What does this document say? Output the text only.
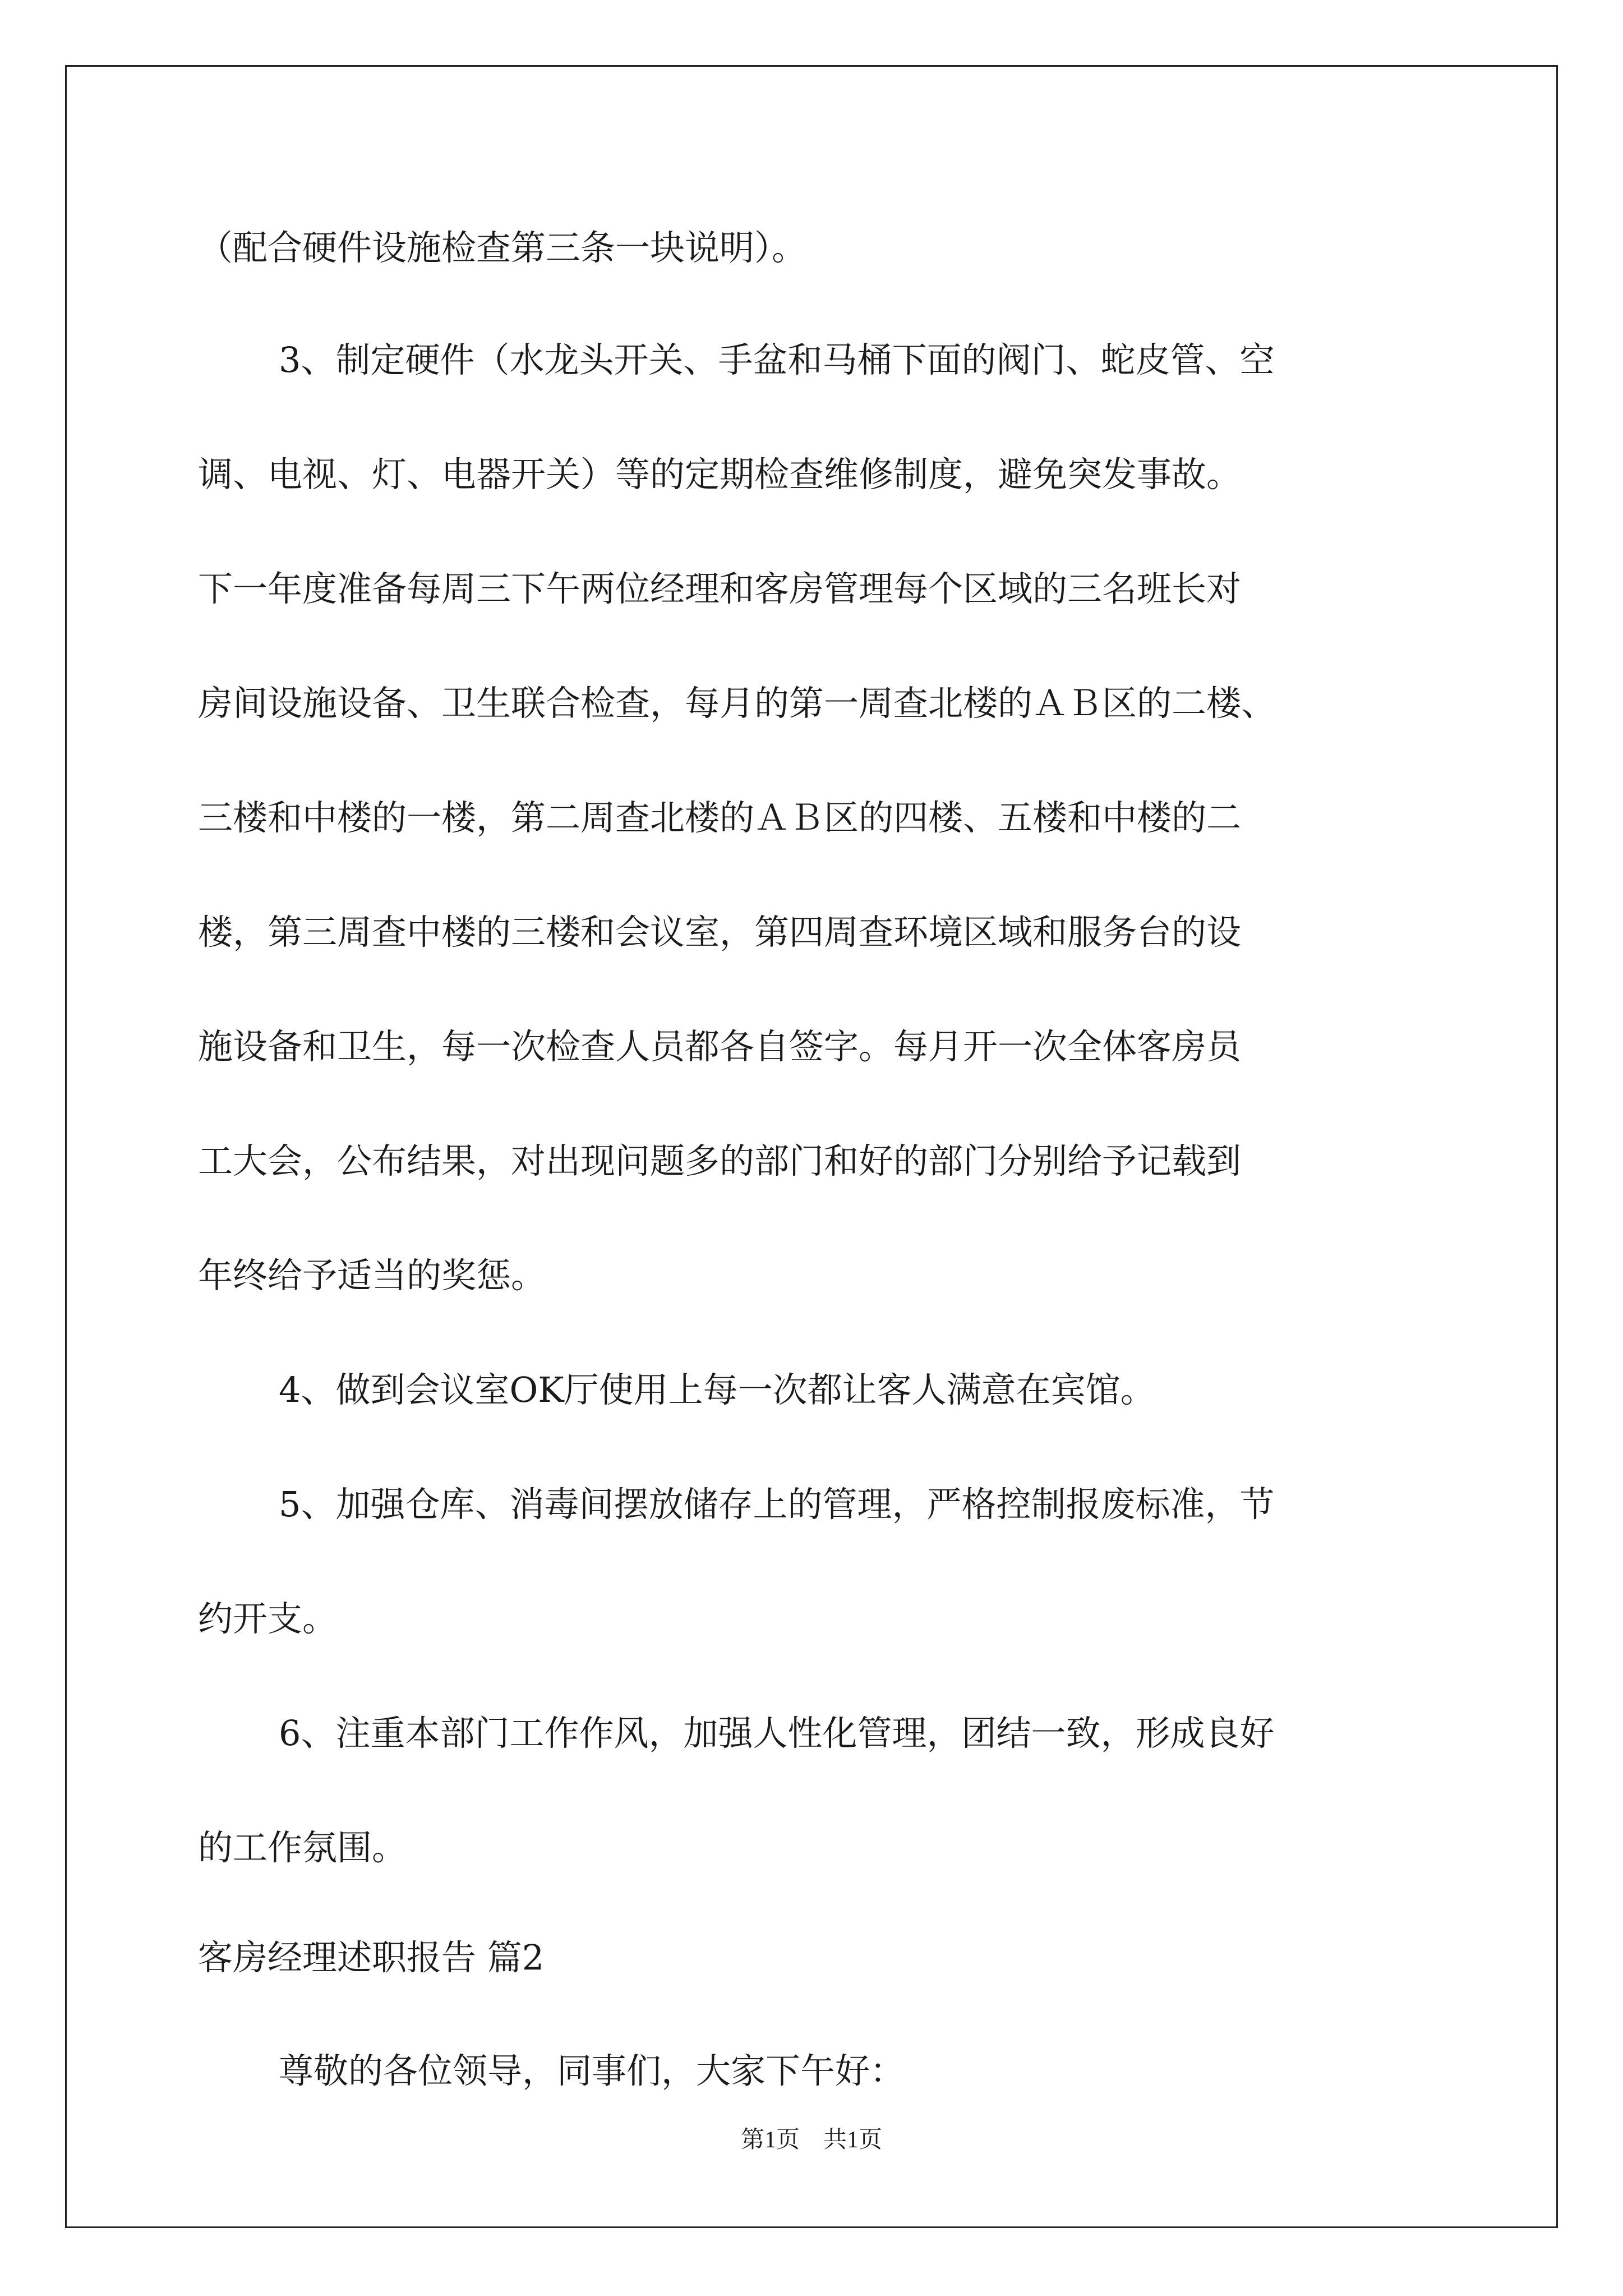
（配合硬件设施检查第三条一块说明）。
3、制定硬件（水龙头开关、手盆和马桶下面的阀门、蛇皮管、空
调、电视、灯、电器开关）等的定期检查维修制度，避免突发事故。
下一年度准备每周三下午两位经理和客房管理每个区域的三名班长对
房间设施设备、卫生联合检查，每月的第一周查北楼的ＡＢ区的二楼、
三楼和中楼的一楼，第二周查北楼的ＡＢ区的四楼、五楼和中楼的二
楼，第三周查中楼的三楼和会议室，第四周查环境区域和服务台的设
施设备和卫生，每一次检查人员都各自签字。每月开一次全体客房员
工大会，公布结果，对出现问题多的部门和好的部门分别给予记载到
年终给予适当的奖惩。
4、做到会议室OK厅使用上每一次都让客人满意在宾馆。
5、加强仓库、消毒间摆放储存上的管理，严格控制报废标准，节
约开支。
6、注重本部门工作作风，加强人性化管理，团结一致，形成良好
的工作氛围。
客房经理述职报告 篇2
尊敬的各位领导，同事们，大家下午好：
第1页　共1页
